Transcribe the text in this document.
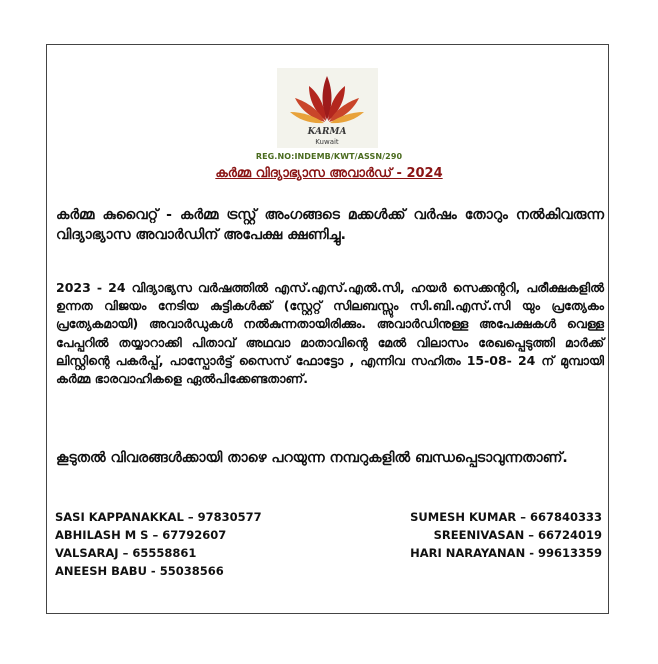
KARMA
Kuwait
REG.NO:INDEMB/KWT/ASSN/290
കർമ്മ വിദ്യാഭ്യാസ അവാർഡ് - 2024
കർമ്മ കുവൈറ്റ് - കർമ്മ ട്രസ്റ്റ് അംഗങ്ങടെ മക്കൾക്ക് വർഷം തോറും നൽകിവരുന്ന വിദ്യാഭ്യാസ അവാർഡിന് അപേക്ഷ ക്ഷണിച്ചു.
2023 - 24 വിദ്യാഭ്യസ വർഷത്തിൽ എസ്.എസ്.എൽ.സി, ഹയർ സെക്കന്ററി, പരീക്ഷകളിൽ ഉന്നത വിജയം നേടിയ കുട്ടികൾക്ക് (സ്റ്റേറ്റ് സിലബസ്സും സി.ബി.എസ്.സി യും പ്രത്യേകം പ്രത്യേകമായി) അവാർഡുകൾ നൽകുന്നതായിരിക്കും. അവാർഡിനുള്ള അപേക്ഷകൾ വെള്ള പേപ്പറിൽ തയ്യാറാക്കി പിതാവ് അഥവാ മാതാവിന്റെ മേൽ വിലാസം രേഖപ്പെടുത്തി മാർക്ക് ലിസ്റ്റിന്റെ പകർപ്പ്, പാസ്പോർട്ട് സൈസ് ഫോട്ടോ , എന്നിവ സഹിതം 15-08- 24 ന് മുമ്പായി കർമ്മ ഭാരവാഹികളെ ഏൽപിക്കേണ്ടതാണ്.
കൂടുതൽ വിവരങ്ങൾക്കായി താഴെ പറയുന്ന നമ്പറുകളിൽ ബന്ധപ്പെടാവുന്നതാണ്.
SASI KAPPANAKKAL – 97830577	SUMESH KUMAR – 667840333
ABHILASH M S – 67792607	SREENIVASAN – 66724019
VALSARAJ – 65558861	HARI NARAYANAN - 99613359
ANEESH BABU - 55038566
